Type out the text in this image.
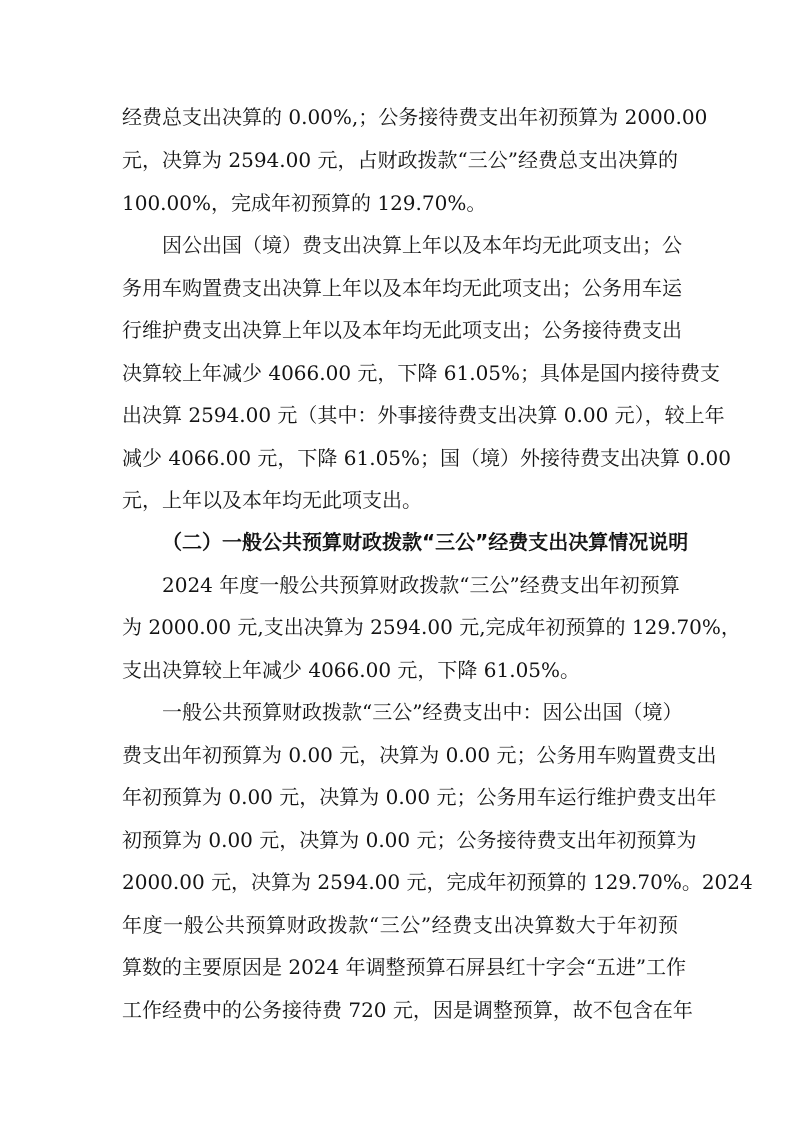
经费总支出决算的 0.00%,；公务接待费支出年初预算为 2000.00
元，决算为 2594.00 元，占财政拨款“三公”经费总支出决算的
100.00%，完成年初预算的 129.70%。
因公出国（境）费支出决算上年以及本年均无此项支出；公
务用车购置费支出决算上年以及本年均无此项支出；公务用车运
行维护费支出决算上年以及本年均无此项支出；公务接待费支出
决算较上年减少 4066.00 元，下降 61.05%；具体是国内接待费支
出决算 2594.00 元（其中：外事接待费支出决算 0.00 元），较上年
减少 4066.00 元，下降 61.05%；国（境）外接待费支出决算 0.00
元，上年以及本年均无此项支出。
（二）一般公共预算财政拨款“三公”经费支出决算情况说明
2024 年度一般公共预算财政拨款“三公”经费支出年初预算
为 2000.00 元,支出决算为 2594.00 元,完成年初预算的 129.70%，
支出决算较上年减少 4066.00 元，下降 61.05%。
一般公共预算财政拨款“三公”经费支出中：因公出国（境）
费支出年初预算为 0.00 元，决算为 0.00 元；公务用车购置费支出
年初预算为 0.00 元，决算为 0.00 元；公务用车运行维护费支出年
初预算为 0.00 元，决算为 0.00 元；公务接待费支出年初预算为
2000.00 元，决算为 2594.00 元，完成年初预算的 129.70%。2024
年度一般公共预算财政拨款“三公”经费支出决算数大于年初预
算数的主要原因是 2024 年调整预算石屏县红十字会“五进”工作
工作经费中的公务接待费 720 元，因是调整预算，故不包含在年
